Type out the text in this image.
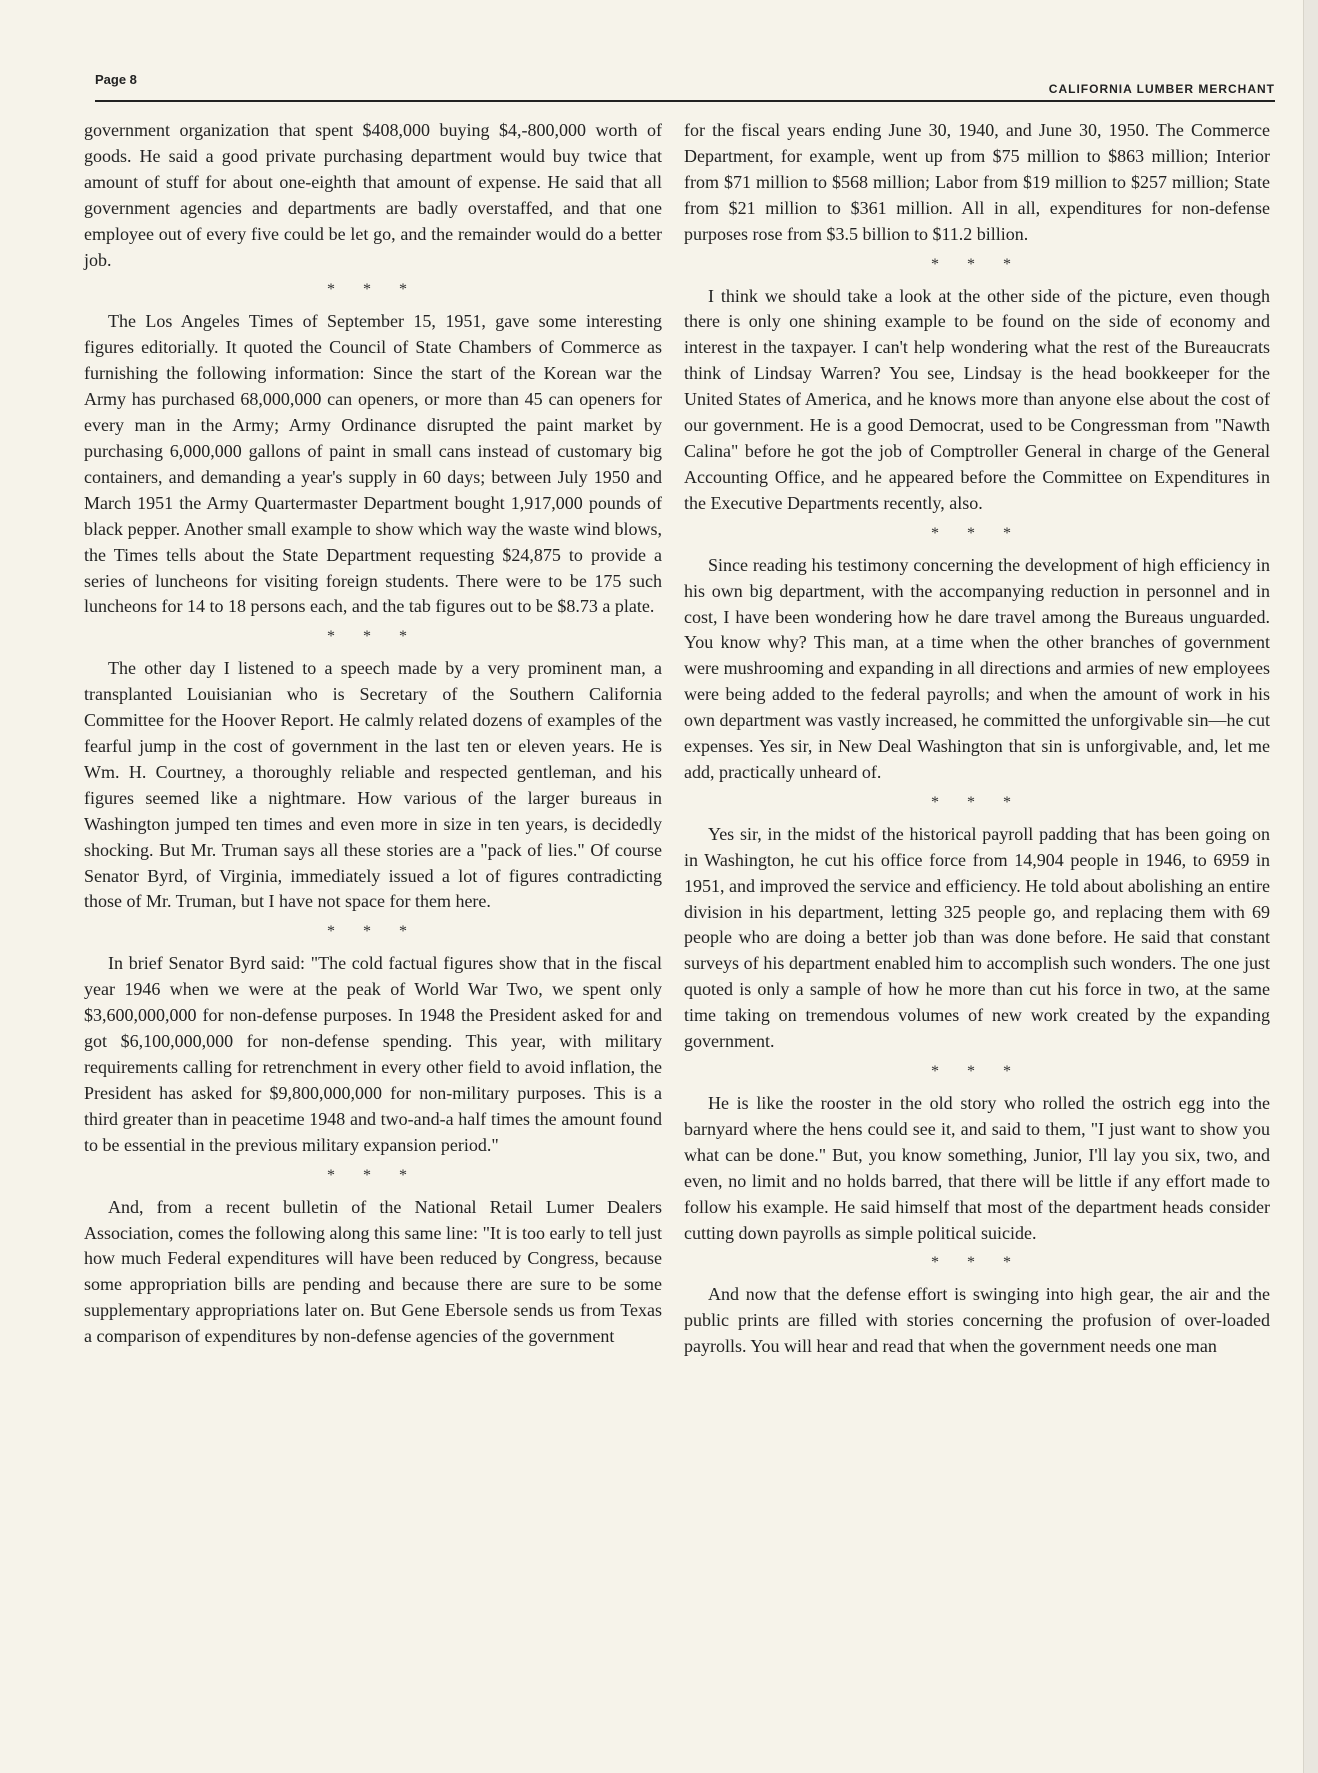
Page 8
CALIFORNIA LUMBER MERCHANT

government organization that spent $408,000 buying $4,-800,000 worth of goods. He said a good private purchasing department would buy twice that amount of stuff for about one-eighth that amount of expense. He said that all government agencies and departments are badly overstaffed, and that one employee out of every five could be let go, and the remainder would do a better job.

* * *

The Los Angeles Times of September 15, 1951, gave some interesting figures editorially. It quoted the Council of State Chambers of Commerce as furnishing the following information: Since the start of the Korean war the Army has purchased 68,000,000 can openers, or more than 45 can openers for every man in the Army; Army Ordinance disrupted the paint market by purchasing 6,000,000 gallons of paint in small cans instead of customary big containers, and demanding a year's supply in 60 days; between July 1950 and March 1951 the Army Quartermaster Department bought 1,917,000 pounds of black pepper. Another small example to show which way the waste wind blows, the Times tells about the State Department requesting $24,875 to provide a series of luncheons for visiting foreign students. There were to be 175 such luncheons for 14 to 18 persons each, and the tab figures out to be $8.73 a plate.

* * *

The other day I listened to a speech made by a very prominent man, a transplanted Louisianian who is Secretary of the Southern California Committee for the Hoover Report. He calmly related dozens of examples of the fearful jump in the cost of government in the last ten or eleven years. He is Wm. H. Courtney, a thoroughly reliable and respected gentleman, and his figures seemed like a nightmare. How various of the larger bureaus in Washington jumped ten times and even more in size in ten years, is decidedly shocking. But Mr. Truman says all these stories are a "pack of lies." Of course Senator Byrd, of Virginia, immediately issued a lot of figures contradicting those of Mr. Truman, but I have not space for them here.

* * *

In brief Senator Byrd said: "The cold factual figures show that in the fiscal year 1946 when we were at the peak of World War Two, we spent only $3,600,000,000 for non-defense purposes. In 1948 the President asked for and got $6,100,000,000 for non-defense spending. This year, with military requirements calling for retrenchment in every other field to avoid inflation, the President has asked for $9,800,000,000 for non-military purposes. This is a third greater than in peacetime 1948 and two-and-a half times the amount found to be essential in the previous military expansion period."

* * *

And, from a recent bulletin of the National Retail Lumer Dealers Association, comes the following along this same line: "It is too early to tell just how much Federal expenditures will have been reduced by Congress, because some appropriation bills are pending and because there are sure to be some supplementary appropriations later on. But Gene Ebersole sends us from Texas a comparison of expenditures by non-defense agencies of the government

for the fiscal years ending June 30, 1940, and June 30, 1950. The Commerce Department, for example, went up from $75 million to $863 million; Interior from $71 million to $568 million; Labor from $19 million to $257 million; State from $21 million to $361 million. All in all, expenditures for non-defense purposes rose from $3.5 billion to $11.2 billion.

* * *

I think we should take a look at the other side of the picture, even though there is only one shining example to be found on the side of economy and interest in the taxpayer. I can't help wondering what the rest of the Bureaucrats think of Lindsay Warren? You see, Lindsay is the head bookkeeper for the United States of America, and he knows more than anyone else about the cost of our government. He is a good Democrat, used to be Congressman from "Nawth Calina" before he got the job of Comptroller General in charge of the General Accounting Office, and he appeared before the Committee on Expenditures in the Executive Departments recently, also.

* * *

Since reading his testimony concerning the development of high efficiency in his own big department, with the accompanying reduction in personnel and in cost, I have been wondering how he dare travel among the Bureaus unguarded. You know why? This man, at a time when the other branches of government were mushrooming and expanding in all directions and armies of new employees were being added to the federal payrolls; and when the amount of work in his own department was vastly increased, he committed the unforgivable sin—he cut expenses. Yes sir, in New Deal Washington that sin is unforgivable, and, let me add, practically unheard of.

* * *

Yes sir, in the midst of the historical payroll padding that has been going on in Washington, he cut his office force from 14,904 people in 1946, to 6959 in 1951, and improved the service and efficiency. He told about abolishing an entire division in his department, letting 325 people go, and replacing them with 69 people who are doing a better job than was done before. He said that constant surveys of his department enabled him to accomplish such wonders. The one just quoted is only a sample of how he more than cut his force in two, at the same time taking on tremendous volumes of new work created by the expanding government.

* * *

He is like the rooster in the old story who rolled the ostrich egg into the barnyard where the hens could see it, and said to them, "I just want to show you what can be done." But, you know something, Junior, I'll lay you six, two, and even, no limit and no holds barred, that there will be little if any effort made to follow his example. He said himself that most of the department heads consider cutting down payrolls as simple political suicide.

* * *

And now that the defense effort is swinging into high gear, the air and the public prints are filled with stories concerning the profusion of over-loaded payrolls. You will hear and read that when the government needs one man
